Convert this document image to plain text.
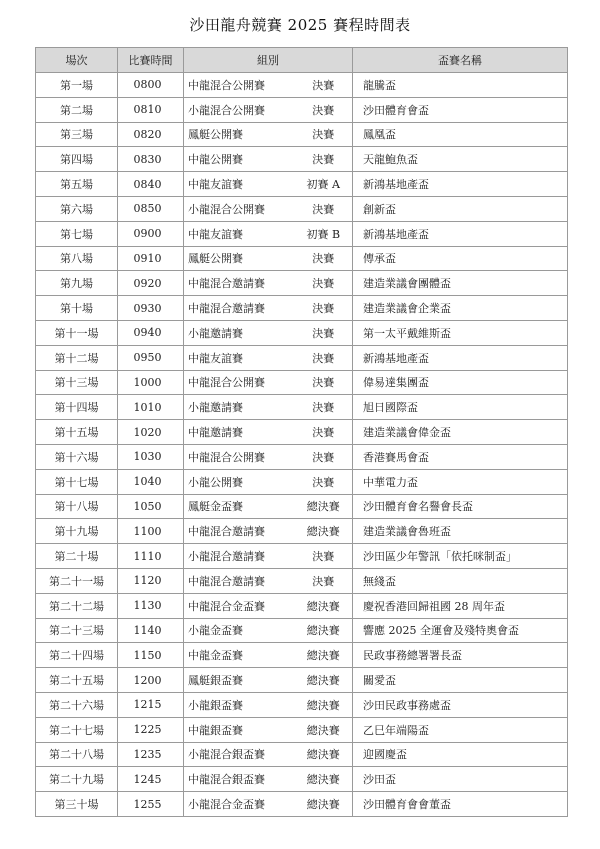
沙田龍舟競賽 2025 賽程時間表
場次	比賽時間	組別		盃賽名稱
第一場	0800	中龍混合公開賽	決賽	龍騰盃
第二場	0810	小龍混合公開賽	決賽	沙田體育會盃
第三場	0820	鳳艇公開賽	決賽	鳳凰盃
第四場	0830	中龍公開賽	決賽	天龍鮑魚盃
第五場	0840	中龍友誼賽	初賽 A	新鴻基地產盃
第六場	0850	小龍混合公開賽	決賽	創新盃
第七場	0900	中龍友誼賽	初賽 B	新鴻基地產盃
第八場	0910	鳳艇公開賽	決賽	傳承盃
第九場	0920	中龍混合邀請賽	決賽	建造業議會團體盃
第十場	0930	中龍混合邀請賽	決賽	建造業議會企業盃
第十一場	0940	小龍邀請賽	決賽	第一太平戴維斯盃
第十二場	0950	中龍友誼賽	決賽	新鴻基地產盃
第十三場	1000	中龍混合公開賽	決賽	偉易達集團盃
第十四場	1010	小龍邀請賽	決賽	旭日國際盃
第十五場	1020	中龍邀請賽	決賽	建造業議會偉金盃
第十六場	1030	中龍混合公開賽	決賽	香港賽馬會盃
第十七場	1040	小龍公開賽	決賽	中華電力盃
第十八場	1050	鳳艇金盃賽	總決賽	沙田體育會名譽會長盃
第十九場	1100	中龍混合邀請賽	總決賽	建造業議會魯班盃
第二十場	1110	小龍混合邀請賽	決賽	沙田區少年警訊「依托咪制盃」
第二十一場	1120	中龍混合邀請賽	決賽	無綫盃
第二十二場	1130	中龍混合金盃賽	總決賽	慶祝香港回歸祖國 28 周年盃
第二十三場	1140	小龍金盃賽	總決賽	響應 2025 全運會及殘特奧會盃
第二十四場	1150	中龍金盃賽	總決賽	民政事務總署署長盃
第二十五場	1200	鳳艇銀盃賽	總決賽	關愛盃
第二十六場	1215	小龍銀盃賽	總決賽	沙田民政事務處盃
第二十七場	1225	中龍銀盃賽	總決賽	乙巳年端陽盃
第二十八場	1235	小龍混合銀盃賽	總決賽	迎國慶盃
第二十九場	1245	中龍混合銀盃賽	總決賽	沙田盃
第三十場	1255	小龍混合金盃賽	總決賽	沙田體育會會董盃
